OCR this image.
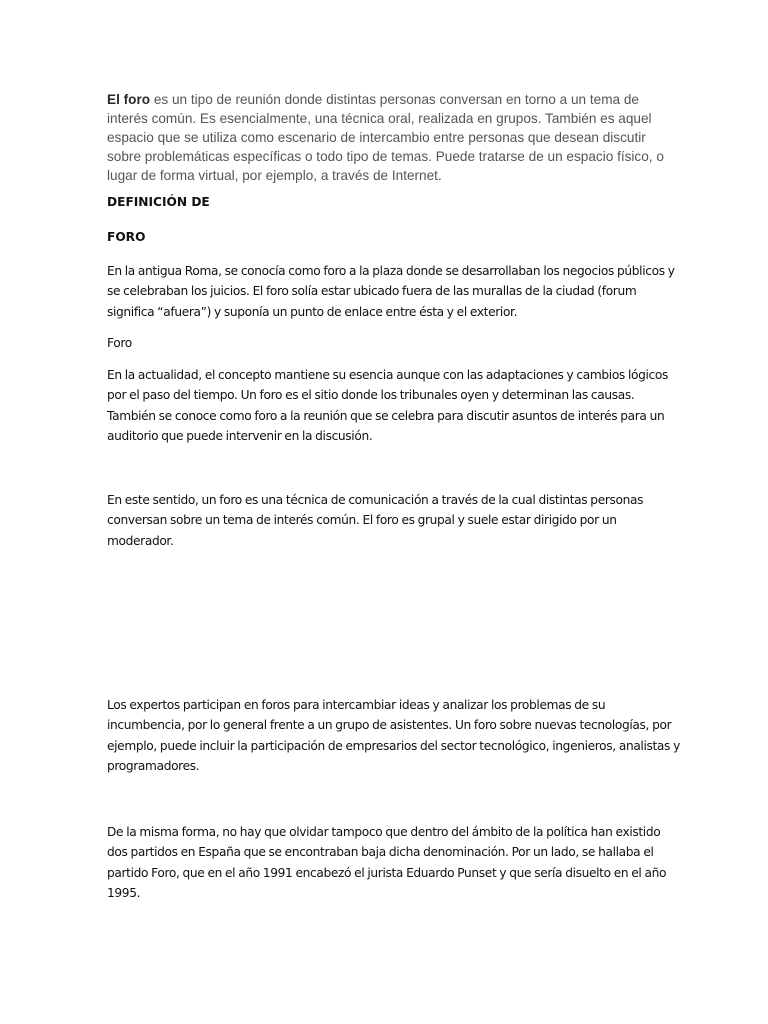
El foro es un tipo de reunión donde distintas personas conversan en torno a un tema de interés común. Es esencialmente, una técnica oral, realizada en grupos. También es aquel espacio que se utiliza como escenario de intercambio entre personas que desean discutir sobre problemáticas específicas o todo tipo de temas. Puede tratarse de un espacio físico, o lugar de forma virtual, por ejemplo, a través de Internet.

DEFINICIÓN DE

FORO

En la antigua Roma, se conocía como foro a la plaza donde se desarrollaban los negocios públicos y se celebraban los juicios. El foro solía estar ubicado fuera de las murallas de la ciudad (forum significa “afuera”) y suponía un punto de enlace entre ésta y el exterior.

Foro

En la actualidad, el concepto mantiene su esencia aunque con las adaptaciones y cambios lógicos por el paso del tiempo. Un foro es el sitio donde los tribunales oyen y determinan las causas. También se conoce como foro a la reunión que se celebra para discutir asuntos de interés para un auditorio que puede intervenir en la discusión.

En este sentido, un foro es una técnica de comunicación a través de la cual distintas personas conversan sobre un tema de interés común. El foro es grupal y suele estar dirigido por un moderador.

Los expertos participan en foros para intercambiar ideas y analizar los problemas de su incumbencia, por lo general frente a un grupo de asistentes. Un foro sobre nuevas tecnologías, por ejemplo, puede incluir la participación de empresarios del sector tecnológico, ingenieros, analistas y programadores.

De la misma forma, no hay que olvidar tampoco que dentro del ámbito de la política han existido dos partidos en España que se encontraban baja dicha denominación. Por un lado, se hallaba el partido Foro, que en el año 1991 encabezó el jurista Eduardo Punset y que sería disuelto en el año 1995.
